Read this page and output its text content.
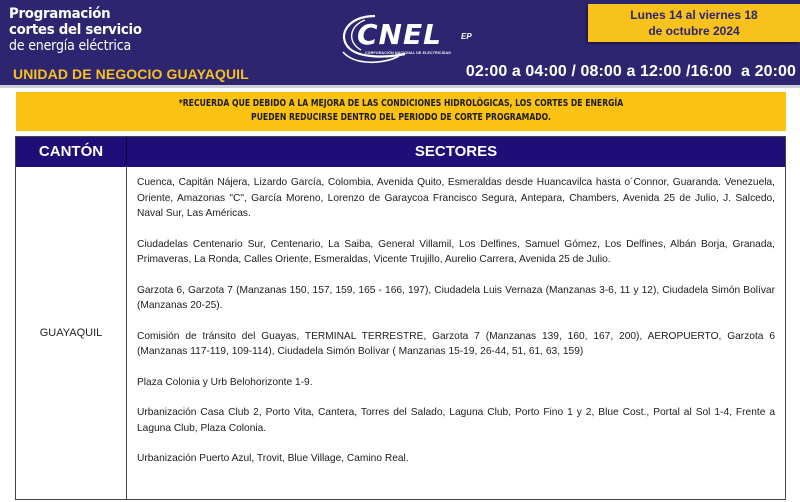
Programación
cortes del servicio
de energía eléctrica
UNIDAD DE NEGOCIO GUAYAQUIL
CNEL EP
CORPORACIÓN NACIONAL DE ELECTRICIDAD
Lunes 14 al viernes 18
de octubre 2024
02:00 a 04:00 / 08:00 a 12:00 /16:00  a 20:00
*RECUERDA QUE DEBIDO A LA MEJORA DE LAS CONDICIONES HIDROLÓGICAS, LOS CORTES DE ENERGÍA
PUEDEN REDUCIRSE DENTRO DEL PERIODO DE CORTE PROGRAMADO.
CANTÓN	SECTORES
GUAYAQUIL

Cuenca, Capitán Nájera, Lizardo García, Colombia, Avenida Quito, Esmeraldas desde Huancavilca hasta o´Connor, Guaranda. Venezuela, Oriente, Amazonas "C", García Moreno, Lorenzo de Garaycoa Francisco Segura, Antepara, Chambers, Avenida 25 de Julio, J. Salcedo, Naval Sur, Las Américas.

Ciudadelas Centenario Sur, Centenario, La Saiba, General Villamil, Los Delfines, Samuel Gómez, Los Delfines, Albán Borja, Granada, Primaveras, La Ronda, Calles Oriente, Esmeraldas, Vicente Trujillo, Aurelio Carrera, Avenida 25 de Julio.

Garzota 6, Garzota 7 (Manzanas 150, 157, 159, 165 - 166, 197), Ciudadela Luis Vernaza (Manzanas 3-6, 11 y 12), Ciudadela Simón Bolívar (Manzanas 20-25).

Comisión de tránsito del Guayas, TERMINAL TERRESTRE, Garzota 7 (Manzanas 139, 160, 167, 200), AEROPUERTO, Garzota 6 (Manzanas 117-119, 109-114), Ciudadela Simón Bolívar ( Manzanas 15-19, 26-44, 51, 61, 63, 159)

Plaza Colonia y Urb Belohorizonte 1-9.

Urbanización Casa Club 2, Porto Vita, Cantera, Torres del Salado, Laguna Club, Porto Fino 1 y 2, Blue Cost., Portal al Sol 1-4, Frente a Laguna Club, Plaza Colonia.

Urbanización Puerto Azul, Trovit, Blue Village, Camino Real.
